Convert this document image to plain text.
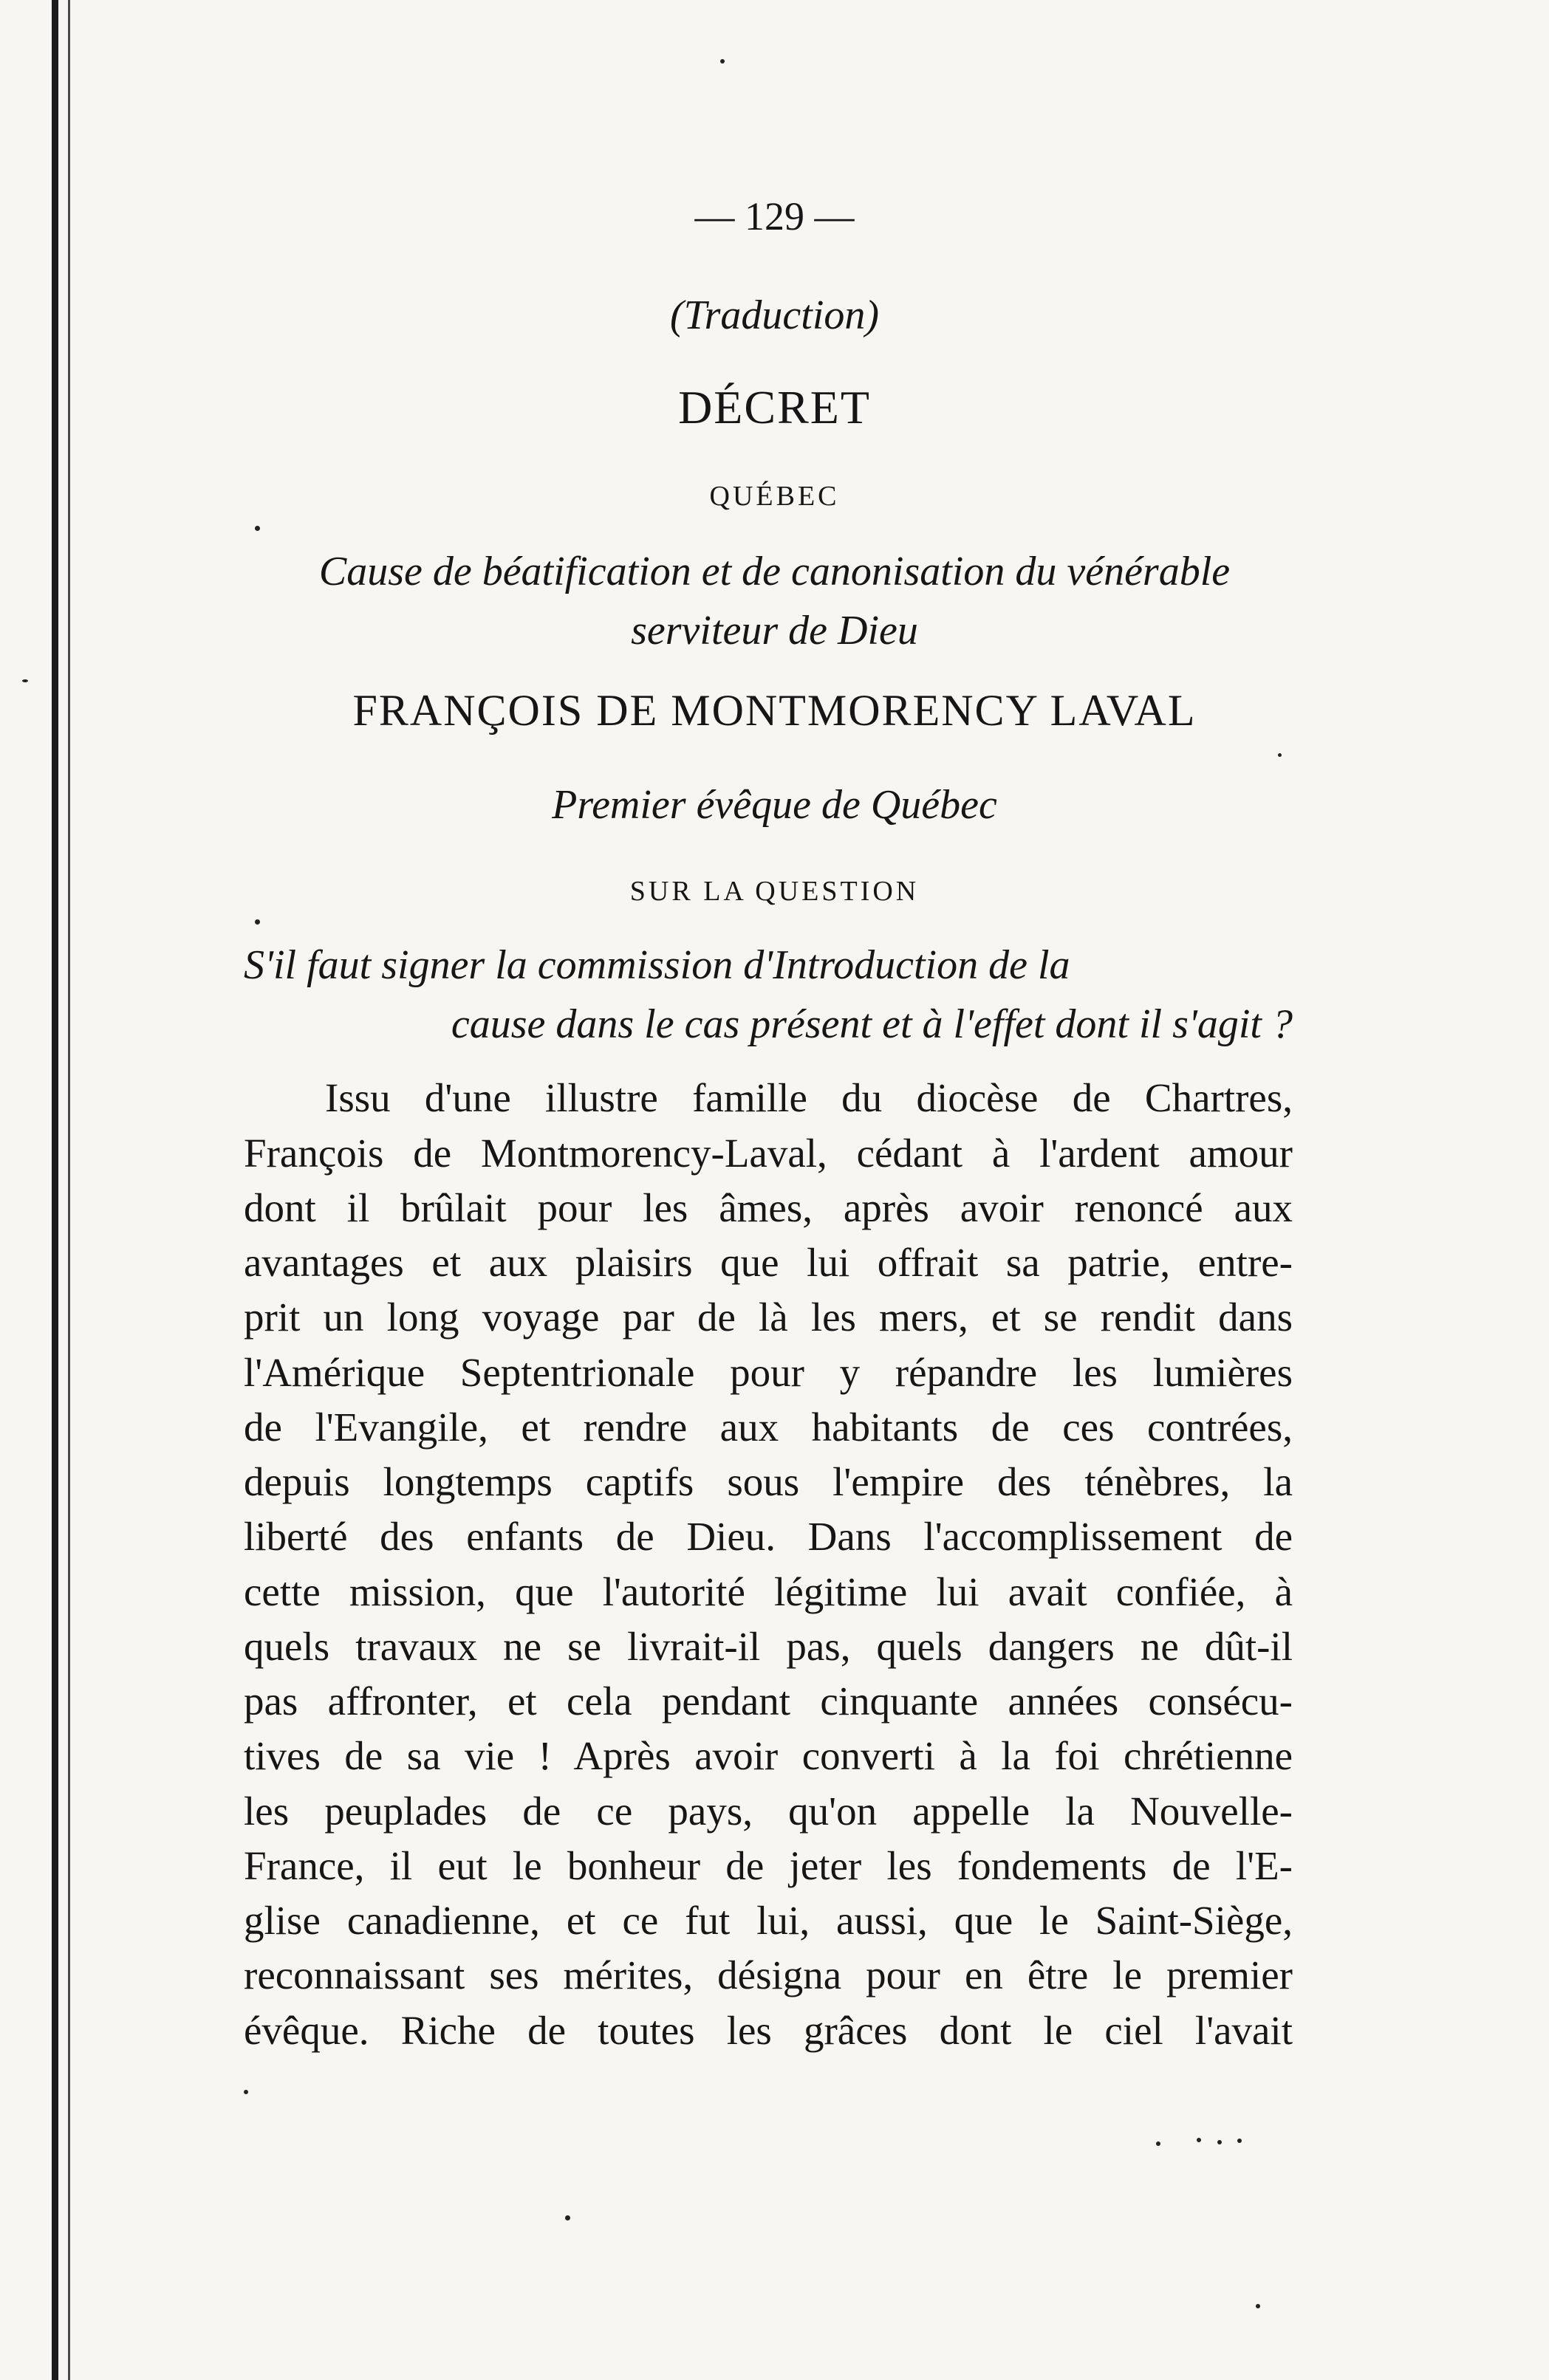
— 129 —
(Traduction)
DÉCRET
QUÉBEC
Cause de béatification et de canonisation du vénérable
serviteur de Dieu
FRANÇOIS DE MONTMORENCY LAVAL
Premier évêque de Québec
SUR LA QUESTION
S'il faut signer la commission d'Introduction de la
cause dans le cas présent et à l'effet dont il s'agit ?
Issu d'une illustre famille du diocèse de Chartres,
François de Montmorency-Laval, cédant à l'ardent amour
dont il brûlait pour les âmes, après avoir renoncé aux
avantages et aux plaisirs que lui offrait sa patrie, entre-
prit un long voyage par de là les mers, et se rendit dans
l'Amérique Septentrionale pour y répandre les lumières
de l'Evangile, et rendre aux habitants de ces contrées,
depuis longtemps captifs sous l'empire des ténèbres, la
liberté des enfants de Dieu. Dans l'accomplissement de
cette mission, que l'autorité légitime lui avait confiée, à
quels travaux ne se livrait-il pas, quels dangers ne dût-il
pas affronter, et cela pendant cinquante années consécu-
tives de sa vie ! Après avoir converti à la foi chrétienne
les peuplades de ce pays, qu'on appelle la Nouvelle-
France, il eut le bonheur de jeter les fondements de l'E-
glise canadienne, et ce fut lui, aussi, que le Saint-Siège,
reconnaissant ses mérites, désigna pour en être le premier
évêque. Riche de toutes les grâces dont le ciel l'avait
